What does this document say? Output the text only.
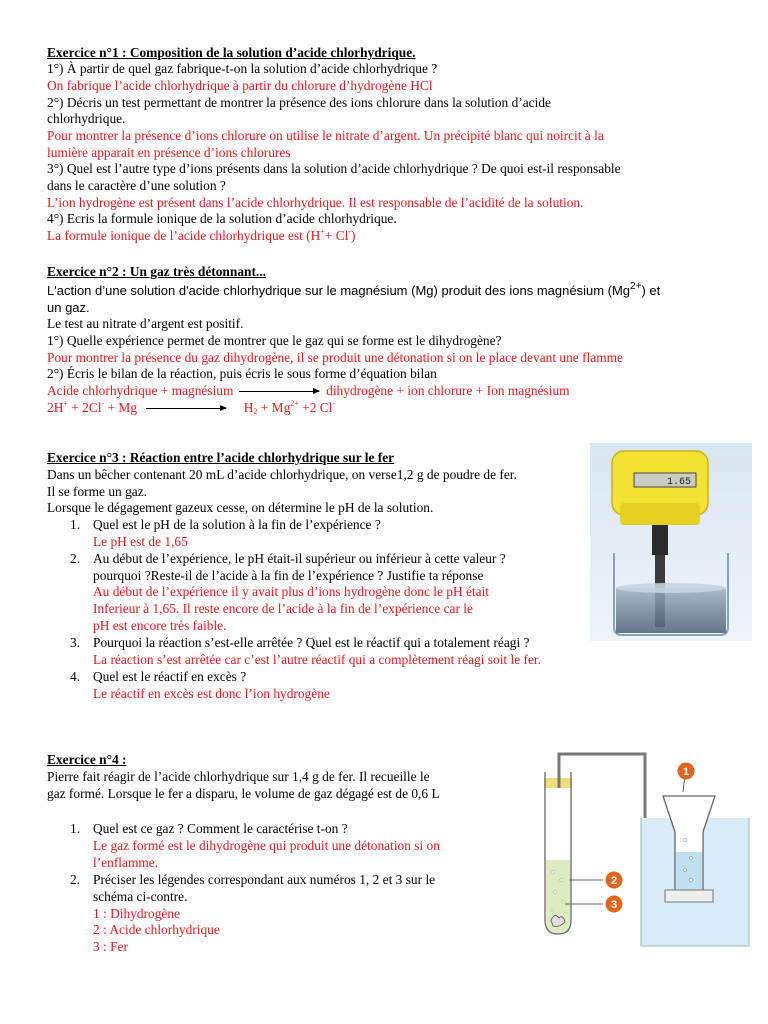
Exercice n°1 : Composition de la solution d’acide chlorhydrique.
1°) À partir de quel gaz fabrique-t-on la solution d’acide chlorhydrique ?
On fabrique l’acide chlorhydrique à partir du chlorure d’hydrogène HCl
2°) Décris un test permettant de montrer la présence des ions chlorure dans la solution d’acide
chlorhydrique.
Pour montrer la présence d’ions chlorure on utilise le nitrate d’argent. Un précipité blanc qui noircit à la
lumière apparait en présence d’ions chlorures
3°) Quel est l’autre type d’ions présents dans la solution d’acide chlorhydrique ? De quoi est-il responsable
dans le caractère d’une solution ?
L’ion hydrogène est présent dans l’acide chlorhydrique. Il est responsable de l’acidité de la solution.
4°) Ecris la formule ionique de la solution d’acide chlorhydrique.
La formule ionique de l’acide chlorhydrique est (H++ Cl-)
Exercice n°2 : Un gaz très détonnant...
L'action d’une solution d'acide chlorhydrique sur le magnésium (Mg) produit des ions magnésium $(Mg^{2+})$ et
un gaz.
Le test au nitrate d’argent est positif.
1°) Quelle expérience permet de montrer que le gaz qui se forme est le dihydrogène?
Pour montrer la présence du gaz dihydrogène, il se produit une détonation si on le place devant une flamme
2°) Écris le bilan de la réaction, puis écris le sous forme d’équation bilan
Acide chlorhydrique + magnésium	dihydrogène + ion chlorure + Ion magnésium
2H+ + 2Cl- + Mg	$H_2 + Mg^{2+} +2$ Cl-
Exercice n°3 : Réaction entre l’acide chlorhydrique sur le fer
Dans un bêcher contenant 20 mL d’acide chlorhydrique, on verse1,2 g de poudre de fer.
Il se forme un gaz.
Lorsque le dégagement gazeux cesse, on détermine le pH de la solution.
1. Quel est le pH de la solution à la fin de l’expérience ?
Le pH est de 1,65
2. Au début de l’expérience, le pH était-il supérieur ou inférieur à cette valeur ?
pourquoi ?Reste-il de l’acide à la fin de l’expérience ? Justifie ta réponse
Au début de l’expérience il y avait plus d’ions hydrogène donc le pH était
Inferieur à 1,65. Il reste encore de l’acide à la fin de l’expérience car le
pH est encore très faible.
3. Pourquoi la réaction s’est-elle arrêtée ? Quel est le réactif qui a totalement réagi ?
La réaction s’est arrêtée car c’est l’autre réactif qui a complètement réagi soit le fer.
4. Quel est le réactif en excès ?
Le réactif en excès est donc l’ion hydrogène
1.65
Exercice n°4 :
Pierre fait réagir de l’acide chlorhydrique sur 1,4 g de fer. Il recueille le
gaz formé. Lorsque le fer a disparu, le volume de gaz dégagé est de 0,6 L
1. Quel est ce gaz ? Comment le caractérise t-on ?
Le gaz formé est le dihydrogène qui produit une détonation si on
l’enflamme.
2. Préciser les légendes correspondant aux numéros 1, 2 et 3 sur le
schéma ci-contre.
1 : Dihydrogène
2 : Acide chlorhydrique
3 : Fer
1
2
3
